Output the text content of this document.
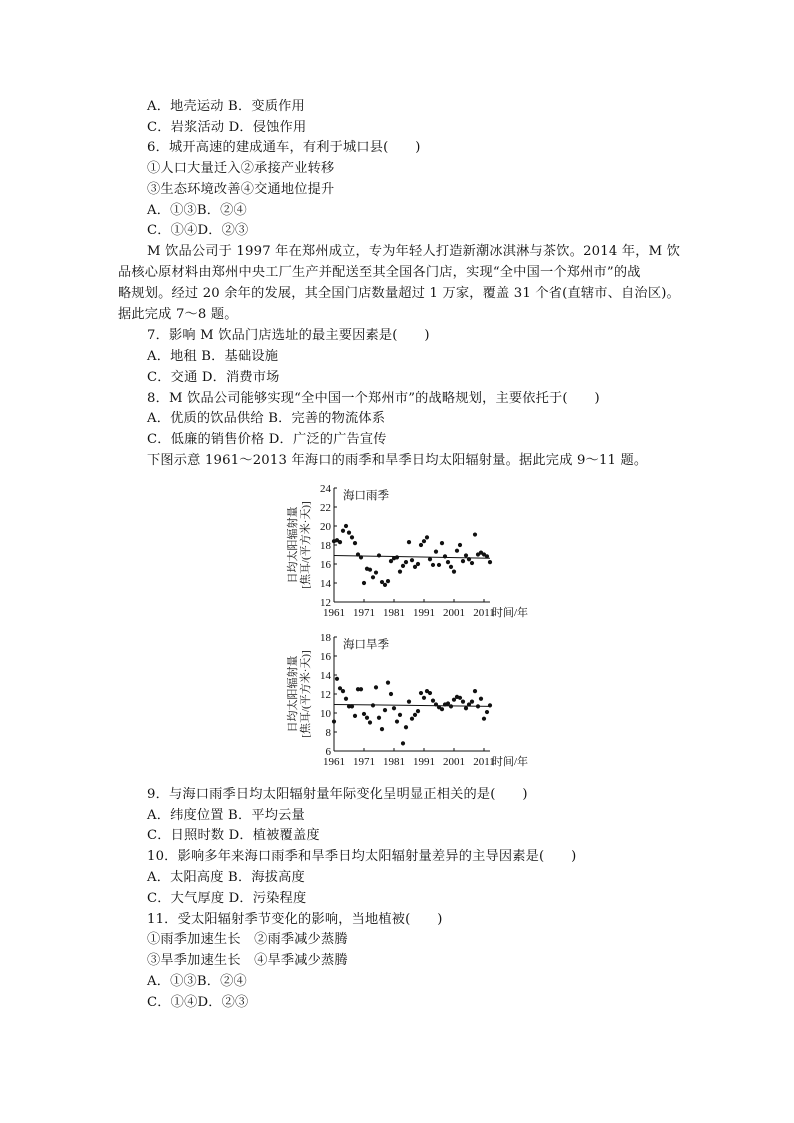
A．地壳运动 B．变质作用
C．岩浆活动 D．侵蚀作用
6．城开高速的建成通车，有利于城口县(　　)
①人口大量迁入②承接产业转移
③生态环境改善④交通地位提升
A．①③B．②④
C．①④D．②③
M 饮品公司于 1997 年在郑州成立，专为年轻人打造新潮冰淇淋与茶饮。2014 年，M 饮
品核心原材料由郑州中央工厂生产并配送至其全国各门店，实现“全中国一个郑州市”的战
略规划。经过 20 余年的发展，其全国门店数量超过 1 万家，覆盖 31 个省(直辖市、自治区)。
据此完成 7～8 题。
7．影响 M 饮品门店选址的最主要因素是(　　)
A．地租 B．基础设施
C．交通 D．消费市场
8．M 饮品公司能够实现“全中国一个郑州市”的战略规划，主要依托于(　　)
A．优质的饮品供给 B．完善的物流体系
C．低廉的销售价格 D．广泛的广告宣传
下图示意 1961～2013 年海口的雨季和旱季日均太阳辐射量。据此完成 9～11 题。
12
14
16
18
20
22
24
1961 1971 1981 1991 2001 2011
时间/年
海口雨季
日均太阳辐射量 [焦耳/(平方米·天)]
6
8
10
12
14
16
18
1961 1971 1981 1991 2001 2011
时间/年
海口旱季
日均太阳辐射量 [焦耳/(平方米·天)]
9．与海口雨季日均太阳辐射量年际变化呈明显正相关的是(　　)
A．纬度位置 B．平均云量
C．日照时数 D．植被覆盖度
10．影响多年来海口雨季和旱季日均太阳辐射量差异的主导因素是(　　)
A．太阳高度 B．海拔高度
C．大气厚度 D．污染程度
11．受太阳辐射季节变化的影响，当地植被(　　)
①雨季加速生长　②雨季减少蒸腾
③旱季加速生长　④旱季减少蒸腾
A．①③B．②④
C．①④D．②③
